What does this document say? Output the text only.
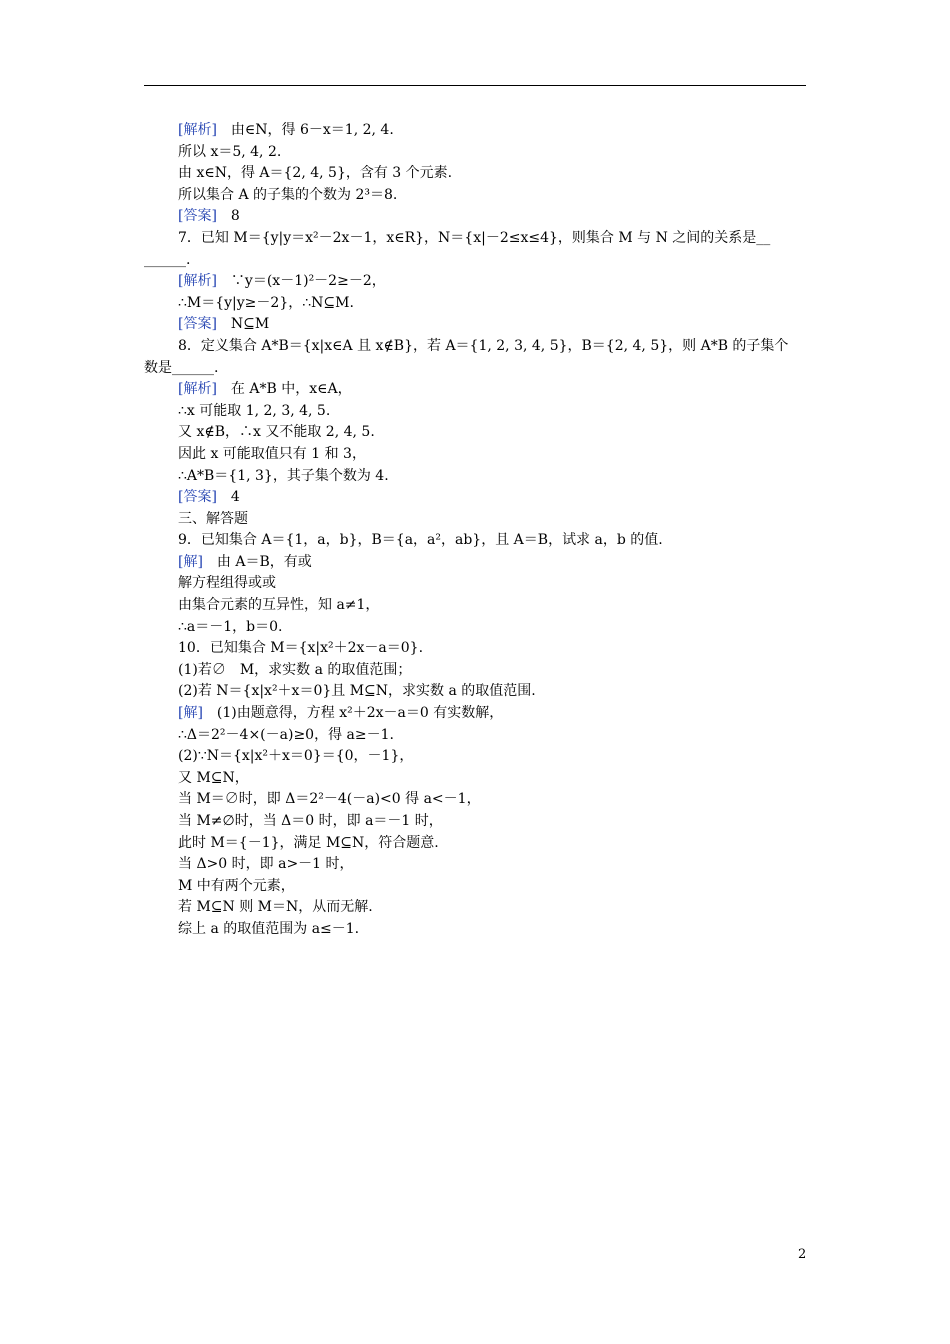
[解析]　由∈N，得 6－x＝1, 2, 4.
所以 x＝5, 4, 2.
由 x∈N，得 A＝{2, 4, 5}，含有 3 个元素.
所以集合 A 的子集的个数为 2³＝8.
[答案]　8
7．已知 M＝{y|y＝x²－2x－1，x∈R}，N＝{x|－2≤x≤4}，则集合 M 与 N 之间的关系是__
______.
[解析]　∵y＝(x－1)²－2≥－2，
∴M＝{y|y≥－2}，∴N⊆M.
[答案]　N⊆M
8．定义集合 A*B＝{x|x∈A 且 x∉B}，若 A＝{1, 2, 3, 4, 5}，B＝{2, 4, 5}，则 A*B 的子集个
数是______.
[解析]　在 A*B 中，x∈A，
∴x 可能取 1, 2, 3, 4, 5.
又 x∉B，∴x 又不能取 2, 4, 5.
因此 x 可能取值只有 1 和 3，
∴A*B＝{1, 3}，其子集个数为 4.
[答案]　4
三、解答题
9．已知集合 A＝{1，a，b}，B＝{a，a²，ab}，且 A＝B，试求 a，b 的值.
[解]　由 A＝B，有或
解方程组得或或
由集合元素的互异性，知 a≠1，
∴a＝－1，b＝0.
10．已知集合 M＝{x|x²＋2x－a＝0}.
(1)若∅　M，求实数 a 的取值范围；
(2)若 N＝{x|x²＋x＝0}且 M⊆N，求实数 a 的取值范围.
[解]　(1)由题意得，方程 x²＋2x－a＝0 有实数解，
∴Δ＝2²－4×(－a)≥0，得 a≥－1.
(2)∵N＝{x|x²＋x＝0}＝{0，－1}，
又 M⊆N，
当 M＝∅时，即 Δ＝2²－4(－a)<0 得 a<－1，
当 M≠∅时，当 Δ＝0 时，即 a＝－1 时，
此时 M＝{－1}，满足 M⊆N，符合题意.
当 Δ>0 时，即 a>－1 时，
M 中有两个元素，
若 M⊆N 则 M＝N，从而无解.
综上 a 的取值范围为 a≤－1.
2
